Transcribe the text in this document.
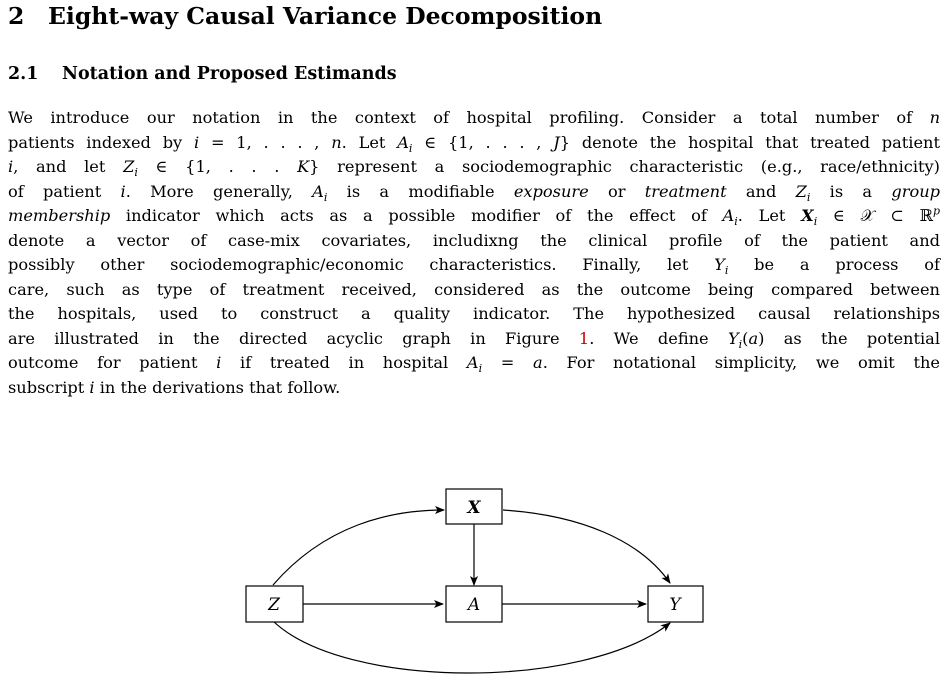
2 Eight-way Causal Variance Decomposition
2.1 Notation and Proposed Estimands
We introduce our notation in the context of hospital profiling. Consider a total number of n
patients indexed by i = 1, . . . , n. Let $A_i$ ∈ {1, . . . , J} denote the hospital that treated patient
i, and let $Z_i$ ∈ {1, . . . K} represent a sociodemographic characteristic (e.g., race/ethnicity)
of patient i. More generally, $A_i$ is a modifiable exposure or treatment and $Z_i$ is a group
membership indicator which acts as a possible modifier of the effect of $A_i$. Let $X_i$ ∈ 𝒳 ⊂ ℝ$^p$
denote a vector of case-mix covariates, includixng the clinical profile of the patient and
possibly other sociodemographic/economic characteristics. Finally, let $Y_i$ be a process of
care, such as type of treatment received, considered as the outcome being compared between
the hospitals, used to construct a quality indicator. The hypothesized causal relationships
are illustrated in the directed acyclic graph in Figure 1. We define $Y_i(a)$ as the potential
outcome for patient i if treated in hospital $A_i = a$. For notational simplicity, we omit the
subscript i in the derivations that follow.
X
Z	A	Y
